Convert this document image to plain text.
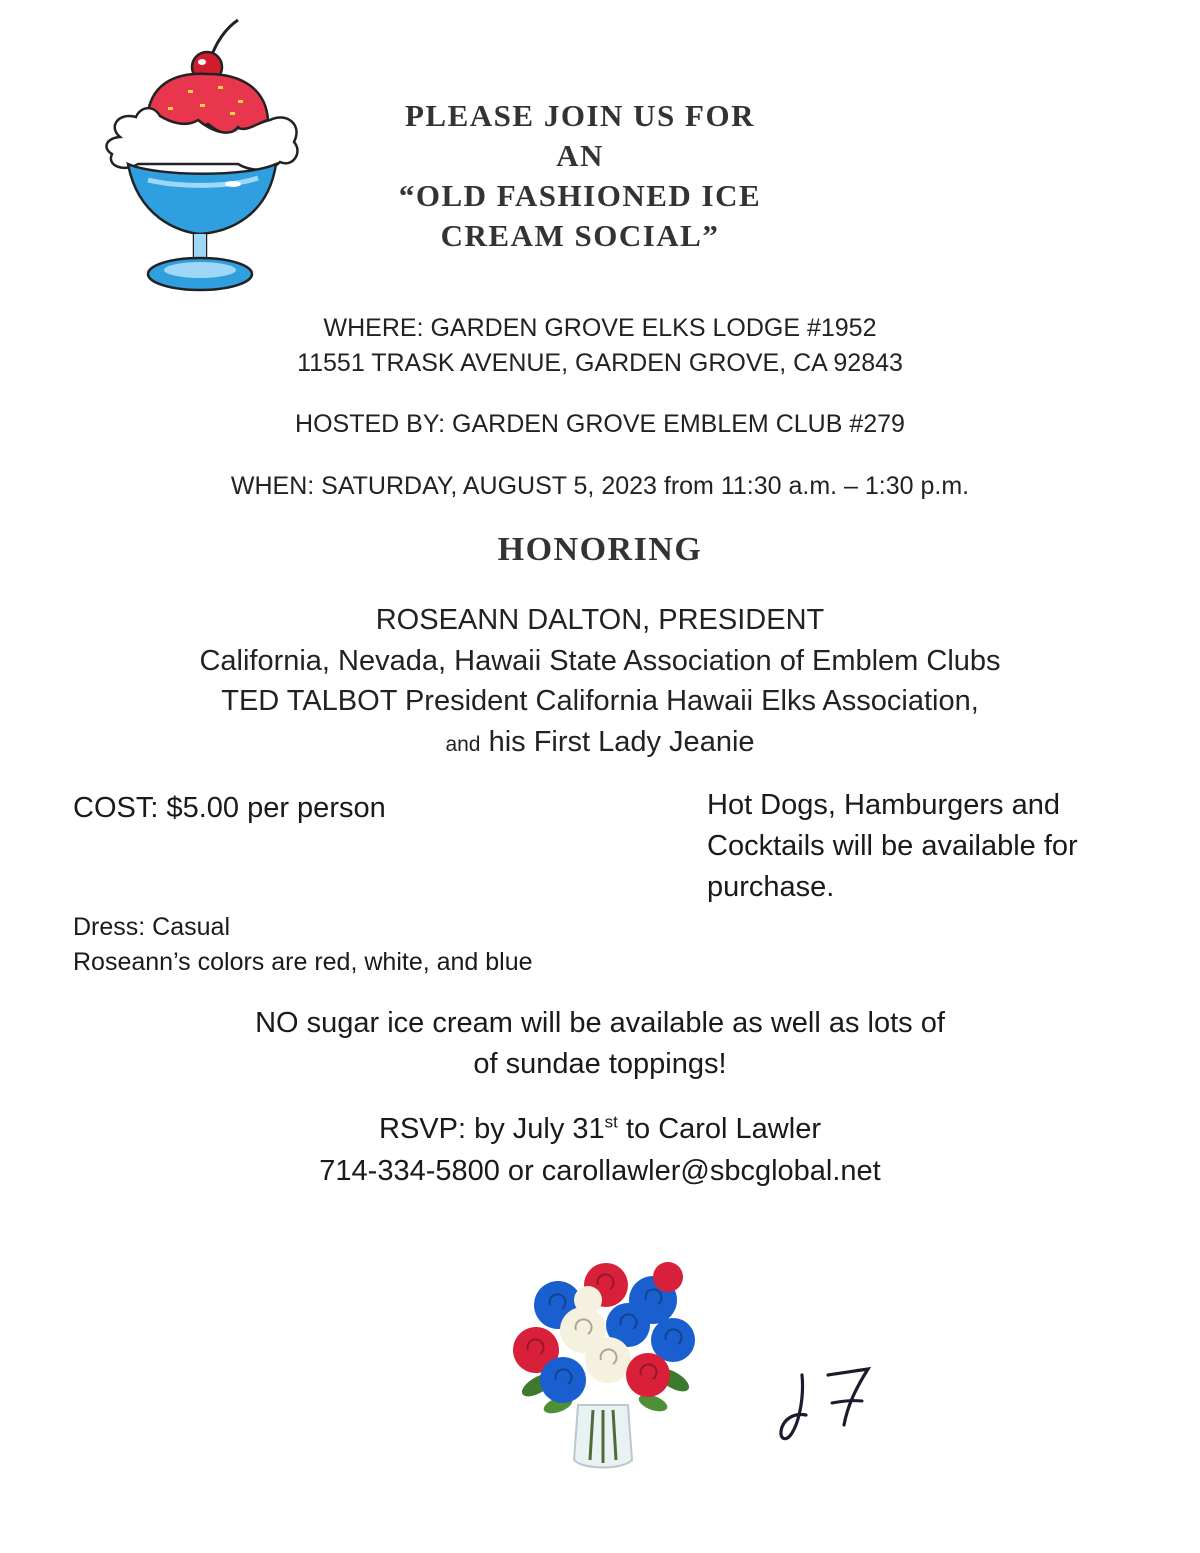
PLEASE JOIN US FOR
AN
“OLD FASHIONED ICE
CREAM SOCIAL”
WHERE: GARDEN GROVE ELKS LODGE #1952
11551 TRASK AVENUE, GARDEN GROVE, CA 92843
HOSTED BY: GARDEN GROVE EMBLEM CLUB #279
WHEN: SATURDAY, AUGUST 5, 2023 from 11:30 a.m. – 1:30 p.m.
HONORING
ROSEANN DALTON, PRESIDENT
California, Nevada, Hawaii State Association of Emblem Clubs
TED TALBOT President California Hawaii Elks Association,
and his First Lady Jeanie
COST: $5.00 per person	Hot Dogs, Hamburgers and
Cocktails will be available for
purchase.
Dress: Casual
Roseann’s colors are red, white, and blue
NO sugar ice cream will be available as well as lots of
of sundae toppings!
RSVP: by July 31st to Carol Lawler
714-334-5800 or carollawler@sbcglobal.net
